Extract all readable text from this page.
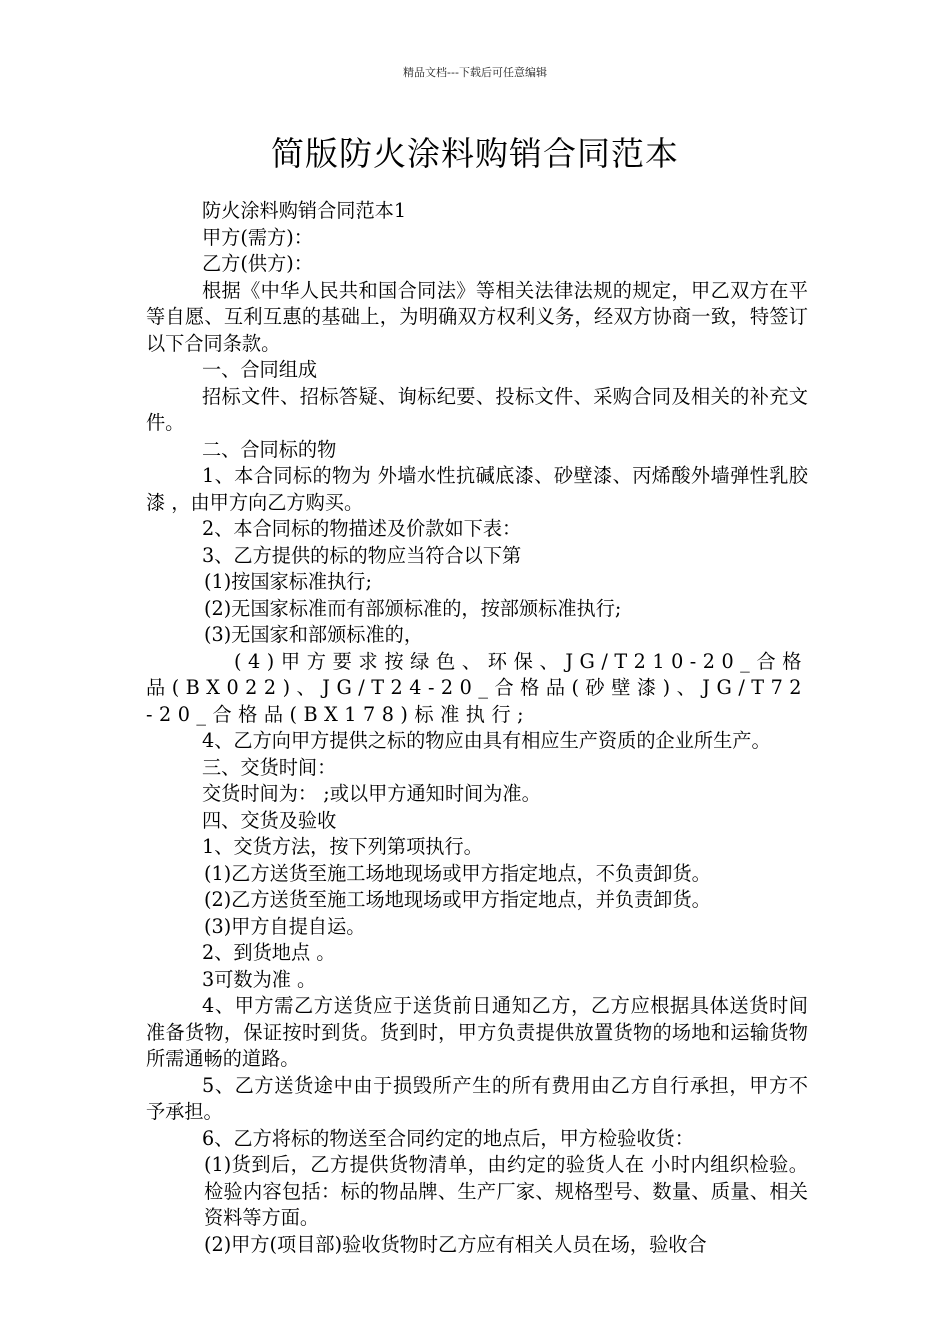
精品文档---下载后可任意编辑
简版防火涂料购销合同范本

防火涂料购销合同范本1

甲方(需方)：

乙方(供方)：

根据《中华人民共和国合同法》等相关法律法规的规定，甲乙双方在平等自愿、互利互惠的基础上，为明确双方权利义务，经双方协商一致，特签订以下合同条款。

一、合同组成

招标文件、招标答疑、询标纪要、投标文件、采购合同及相关的补充文件。

二、合同标的物

1、本合同标的物为 外墙水性抗碱底漆、砂壁漆、丙烯酸外墙弹性乳胶漆 ，由甲方向乙方购买。

2、本合同标的物描述及价款如下表：

3、乙方提供的标的物应当符合以下第

(1)按国家标准执行;

(2)无国家标准而有部颁标准的，按部颁标准执行;

(3)无国家和部颁标准的，

(4)甲方要求按绿色、环保、JG/T210-20_合格品(BX022)、JG/T24-20_合格品(砂壁漆)、JG/T72-20_合格品(BX178)标准执行;

4、乙方向甲方提供之标的物应由具有相应生产资质的企业所生产。

三、交货时间：

交货时间为： ;或以甲方通知时间为准。

四、交货及验收

1、交货方法，按下列第项执行。

(1)乙方送货至施工场地现场或甲方指定地点，不负责卸货。

(2)乙方送货至施工场地现场或甲方指定地点，并负责卸货。

(3)甲方自提自运。

2、到货地点 。

3可数为准 。

4、甲方需乙方送货应于送货前日通知乙方，乙方应根据具体送货时间准备货物，保证按时到货。货到时，甲方负责提供放置货物的场地和运输货物所需通畅的道路。

5、乙方送货途中由于损毁所产生的所有费用由乙方自行承担，甲方不予承担。

6、乙方将标的物送至合同约定的地点后，甲方检验收货：

(1)货到后，乙方提供货物清单，由约定的验货人在 小时内组织检验。检验内容包括：标的物品牌、生产厂家、规格型号、数量、质量、相关资料等方面。

(2)甲方(项目部)验收货物时乙方应有相关人员在场，验收合
